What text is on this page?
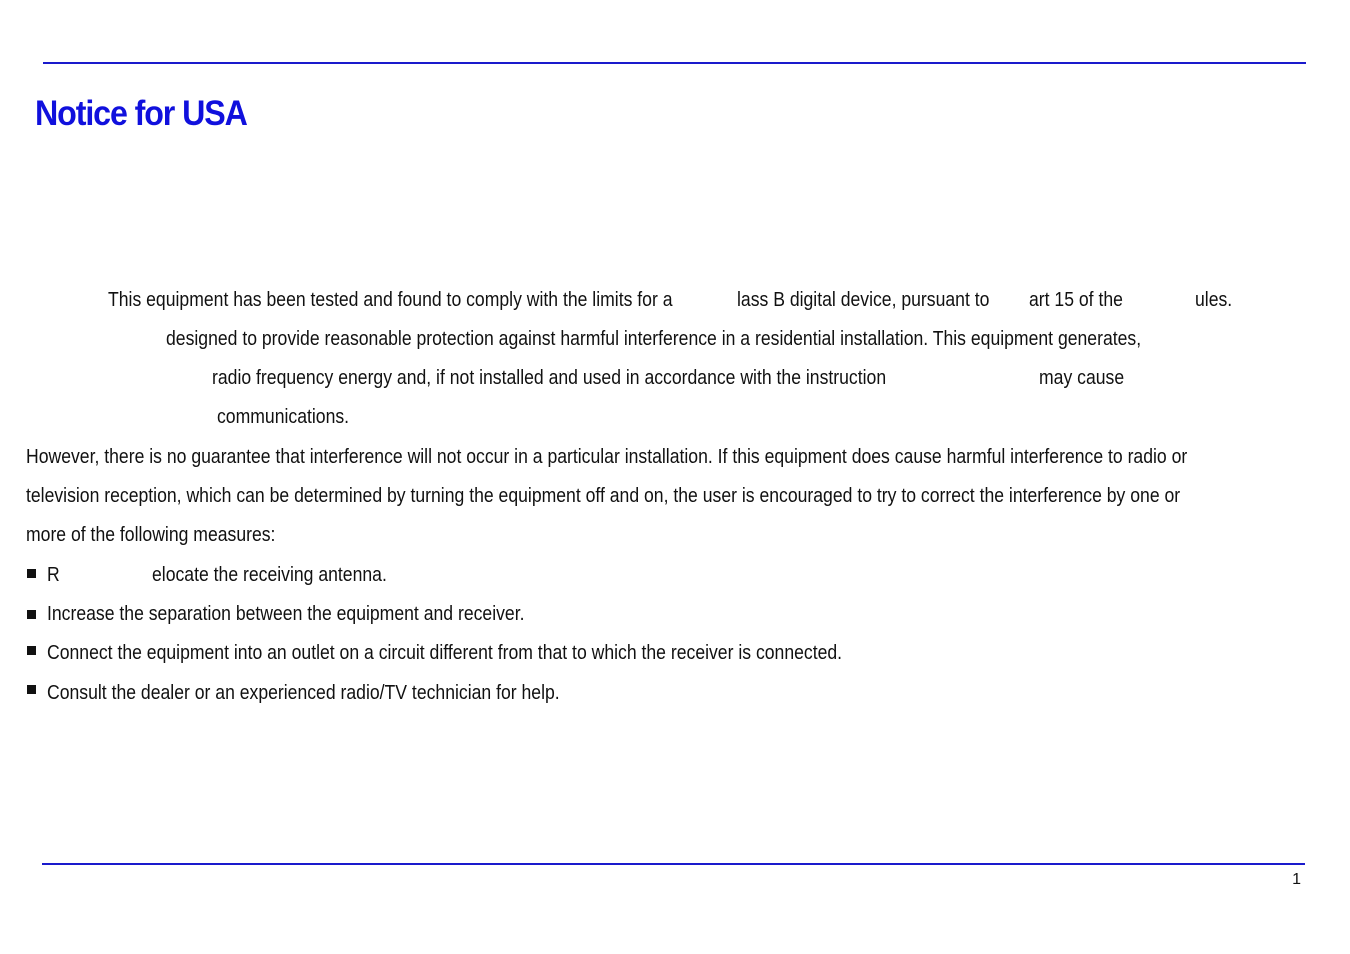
Notice for USA

This equipment has been tested and found to comply with the limits for a	lass B digital device, pursuant to art 15 of the	ules.

designed to provide reasonable protection against harmful interference in a residential installation. This equipment generates,

radio frequency energy and, if not installed and used in accordance with the instruction	may cause

communications.

However, there is no guarantee that interference will not occur in a particular installation. If this equipment does cause harmful interference to radio or

television reception, which can be determined by turning the equipment off and on, the user is encouraged to try to correct the interference by one or

more of the following measures:

R	elocate the receiving antenna.

Increase the separation between the equipment and receiver.

Connect the equipment into an outlet on a circuit different from that to which the receiver is connected.

Consult the dealer or an experienced radio/TV technician for help.

1
